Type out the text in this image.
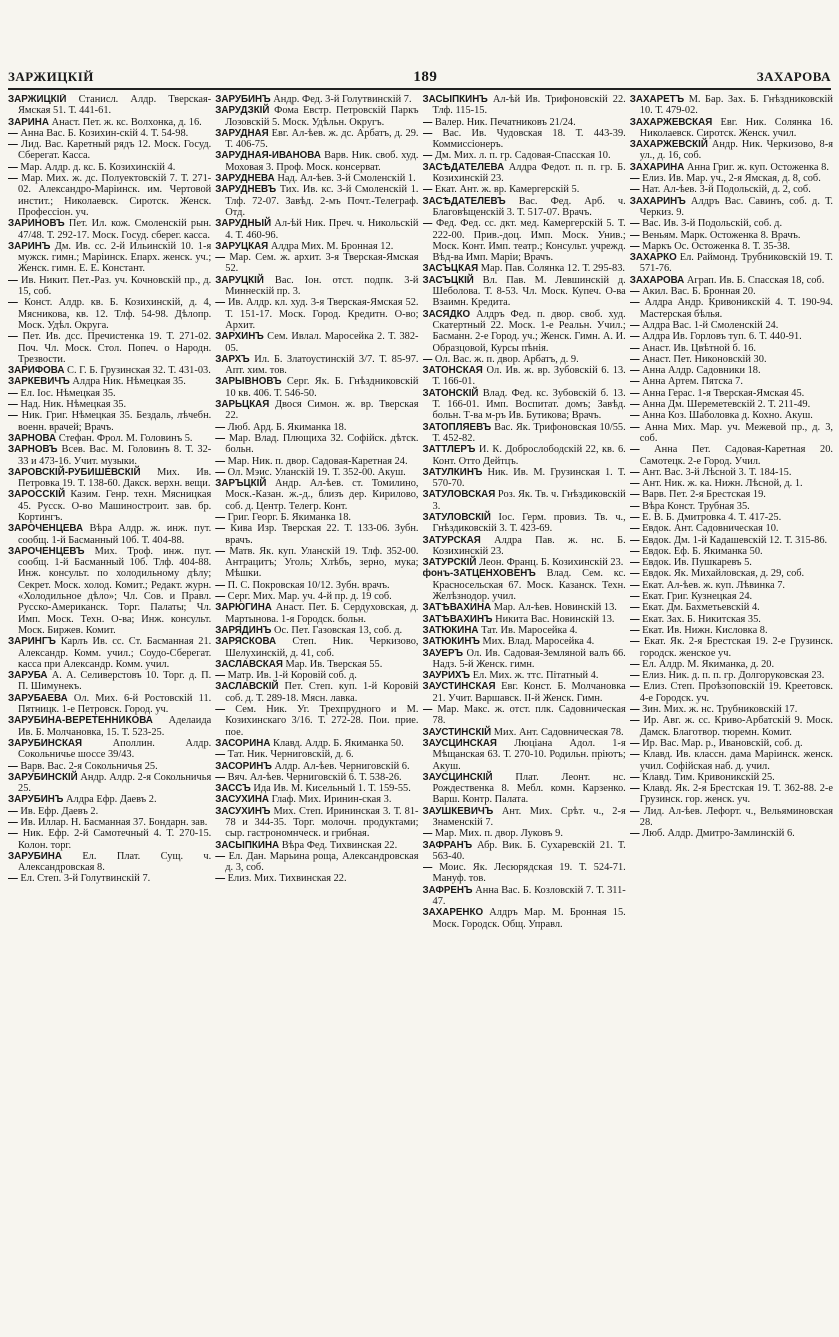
ЗАРЖИЦКІЙ	189	ЗАХАРОВА

ЗАРЖИЦКІЙ Станисл. Алдр. Тверская-Ямская 51. Т. 441-61.

ЗАРИНА Анаст. Пет. ж. кс. Волхонка, д. 16.

— Анна Вас. Б. Козихин-скій 4. Т. 54-98.

— Лид. Вас. Каретный рядъ 12. Моск. Госуд. Сберегат. Касса.

— Мар. Алдр. д. кс. Б. Козихинскій 4.

— Мар. Мих. ж. дс. Полуектовскій 7. Т. 271-02. Александро-Маріинск. им. Чертовой инстит.; Николаевск. Сиротск. Женск. Профессіон. уч.

ЗАРИНОВЪ Пет. Ил. кож. Смоленскій рын. 47/48. Т. 292-17. Моск. Госуд. сберег. касса.

ЗАРИНЪ Дм. Ив. сс. 2-й Ильинскій 10. 1-я мужск. гимн.; Маріинск. Епарх. женск. уч.; Женск. гимн. Е. Е. Констант.

— Ив. Никит. Пет.-Раз. уч. Кочновскій пр., д. 15, соб.

— Конст. Алдр. кв. Б. Козихинскій, д. 4, Мясникова, кв. 12. Тлф. 54-98. Дѣлопр. Моск. Удѣл. Округа.

— Пет. Ив. дсс. Пречистенка 19. Т. 271-02. Поч. Чл. Моск. Стол. Попеч. о Народн. Трезвости.

ЗАРИФОВА С. Г. Б. Грузинская 32. Т. 431-03.

ЗАРКЕВИЧЪ Алдра Ник. Нѣмецкая 35.

— Ел. Іос. Нѣмецкая 35.

— Над. Ник. Нѣмецкая 35.

— Ник. Григ. Нѣмецкая 35. Бездаль, лѣчебн. военн. врачей; Врачъ.

ЗАРНОВА Стефан. Фрол. М. Головинъ 5.

ЗАРНОВЪ Всев. Вас. М. Головинъ 8. Т. 32-33 и 473-16. Учит. музыки.

ЗАРОВСКІЙ-РУБИШЕВСКІЙ Мих. Ив. Петровка 19. Т. 138-60. Дакск. верхн. вещи.

ЗАРОССКІЙ Казим. Генр. техн. Мясницкая 45. Русск. О-во Машиностроит. зав. бр. Кортингъ.

ЗАРОЧЕНЦЕВА Вѣра Алдр. ж. инж. пут. сообщ. 1-й Басманный 10б. Т. 404-88.

ЗАРОЧЕНЦЕВЪ Мих. Троф. инж. пут. сообщ. 1-й Басманный 10б. Тлф. 404-88. Инж. консульт. по холодильному дѣлу; Секрет. Моск. холод. Комит.; Редакт. журн. «Холодильное дѣло»; Чл. Сов. и Правл. Русско-Американск. Торг. Палаты; Чл. Имп. Моск. Техн. О-ва; Инж. консульт. Моск. Биржев. Комит.

ЗАРИНГЪ Карлъ Ив. сс. Ст. Басманная 21. Александр. Комм. учил.; Соудо-Сберегат. касса при Александр. Комм. учил.

ЗАРУБА А. А. Селиверстовъ 10. Торг. д. П. П. Шимунекъ.

ЗАРУБАЕВА Ол. Мих. 6-й Ростовскій 11. Пятницк. 1-е Петровск. Город. уч.

ЗАРУБИНА-ВЕРЕТЕННИКОВА Аделаида Ив. Б. Молчановка, 15. Т. 523-25.

ЗАРУБИНСКАЯ	Аполлин. Алдр. Сокольничье шоссе 39/43.

— Варв. Вас. 2-я Сокольничья 25.

ЗАРУБИНСКІЙ Андр. Алдр. 2-я Сокольничья 25.

ЗАРУБИНЪ Алдра Ефр. Даевъ 2.

— Ив. Ефр. Даевъ 2.

— Ив. Иллар. Н. Басманная 37. Бондарн. зав.

— Ник. Ефр. 2-й Самотечный 4. Т. 270-15. Колон. торг.

ЗАРУБИНА Ел. Плат. Сущ. ч. Александровская 8.

— Ел. Степ. 3-й Голутвинскій 7.

ЗАРУБИНЪ Андр. Фед. 3-й Голутвинскій 7.

ЗАРУДЗКІЙ Фома Евстр. Петровскій Паркъ Лозовскій 5. Моск. Удѣльн. Округъ.

ЗАРУДНАЯ Евг. Ал-ѣев. ж. дс. Арбатъ, д. 29. Т. 406-75.

ЗАРУДНАЯ-ИВАНОВА Варв. Ник. своб. худ. Моховая 3. Проф. Моск. консерват.

ЗАРУДНЕВА Над. Ал-ѣев. 3-й Смоленскій 1.

ЗАРУДНЕВЪ Тих. Ив. кс. 3-й Смоленскій 1. Тлф. 72-07. Завѣд. 2-мъ Почт.-Телеграф. Отд.

ЗАРУДНЫЙ Ал-ѣй Ник. Преч. ч. Никольскій 4. Т. 460-96.

ЗАРУЦКАЯ Алдра Мих. М. Бронная 12.

— Мар. Сем. ж. архит. 3-я Тверская-Ямская 52.

ЗАРУЦКІЙ Вас. Іон. отст. подпк. 3-й Миннескій пр. 3.

— Ив. Алдр. кл. худ. 3-я Тверская-Ямская 52. Т. 151-17. Моск. Город. Кредитн. О-во; Архит.

ЗАРХИНЪ Сем. Ивлал. Маросейка 2. Т. 382-05.

ЗАРХЪ Ил. Б. Златоустинскій 3/7. Т. 85-97. Апт. хим. тов.

ЗАРЫВНОВЪ Серг. Як. Б. Гнѣздниковскій 10 кв. 406. Т. 546-50.

ЗАРЬЦКАЯ Двося Симон. ж. вр. Тверская 22.

— Люб. Ард. Б. Якиманка 18.

— Мар. Влад. Плющиха 32. Софійск. дѣтск. больн.

— Мар. Ник. п. двор. Садовая-Каретная 24.

— Ол. Мэис. Уланскій 19. Т. 352-00. Акуш.

ЗАРЪЦКІЙ Андр. Ал-ѣев. ст. Томилино, Моск.-Казан. ж.-д., близъ дер. Кирилово, соб. д. Центр. Телегр. Конт.

— Григ. Георг. Б. Якиманка 18.

— Кива Изр. Тверская 22. Т. 133-06. Зубн. врачъ.

— Матв. Як. куп. Уланскій 19. Тлф. 352-00. Антрацитъ; Уголь; Хлѣбъ, зерно, мука; Мѣшки.

— П. С. Покровская 10/12. Зубн. врачъ.

— Серг. Мих. Мар. уч. 4-й пр. д. 19 соб.

ЗАРЮГИНА Анаст. Пет. Б. Сердуховская, д. Мартынова. 1-я Городск. больн.

ЗАРЯДИНЪ Ос. Пет. Газовская 13, соб. д.

ЗАРЯСКОВА Степ. Ник. Черкизово, Шелухинскій, д. 41, соб.

ЗАСЛАВСКАЯ Мар. Ив. Тверская 55.

— Матр. Ив. 1-й Коровій соб. д.

ЗАСЛАВСКІЙ Пет. Степ. куп. 1-й Коровій соб. д. Т. 289-18. Мясн. лавка.

— Сем. Ник. Уг. Трехпрудного и М. Козихинскаго 3/16. Т. 272-28. Пои. прие. пое.

ЗАСОРИНА Клавд. Алдр. Б. Якиманка 50.

— Тат. Ник. Черниговскій, д. 6.

ЗАСОРИНЪ Алдр. Ал-ѣев. Черниговскій 6.

— Вяч. Ал-ѣев. Черниговскій 6. Т. 538-26.

ЗАССЪ Ида Ив. М. Кисельный 1. Т. 159-55.

ЗАСУХИНА Глаф. Мих. Иринин-ская 3.

ЗАСУХИНЪ Мих. Степ. Ирининская 3. Т. 81-78 и 344-35. Торг. молочн. продуктами; сыр. гастрономнческ. и грибная.

ЗАСЫПКИНА Вѣра Фед. Тихвинская 22.

— Ел. Дан. Марьина роща, Александровская д. 3, соб.

— Елиз. Мих. Тихвинская 22.

ЗАСЫПКИНЪ Ал-ѣй Ив. Трифоновскій 22. Тлф. 115-15.

— Валер. Ник. Печатниковъ 21/24.

— Вас. Ив. Чудовская 18. Т. 443-39. Коммиссіонеръ.

— Дм. Мих. л. п. гр. Садовая-Спасская 10.

ЗАСѢДАТЕЛЕВА Алдра Федот. п. п. гр. Б. Козихинскій 23.

— Екат. Ант. ж. вр. Камергерскій 5.

ЗАСѢДАТЕЛЕВЪ Вас. Фед. Арб. ч. Благовѣщенскій 3. Т. 517-07. Врачъ.

— Фед. Фед. сс. дкт. мед. Камергерскій 5. Т. 222-00. Прив.-доц. Имп. Моск. Унив.; Моск. Конт. Имп. театр.; Консульт. учрежд. Вѣд-ва Имп. Маріи; Врачъ.

ЗАСЪЦКАЯ Мар. Пав. Солянка 12. Т. 295-83.

ЗАСЪЦКІЙ Вл. Пав. М. Левшинскій д. Шеболова. Т. 8-53. Чл. Моск. Купеч. О-ва Взаимн. Кредита.

ЗАСЯДКО Алдръ Фед. п. двор. своб. худ. Скатертный 22. Моск. 1-е Реальн. Учил.; Басманн. 2-е Город. уч.; Женск. Гимн. А. И. Образцовой, Курсы пѣнія.

— Ол. Вас. ж. п. двор. Арбатъ, д. 9.

ЗАТОНСКАЯ Ол. Ив. ж. вр. Зубовскій 6. 13. Т. 166-01.

ЗАТОНСКІЙ Влад. Фед. кс. Зубовскій б. 13. Т. 166-01. Имп. Воспитат. домъ; Завѣд. больн. Т-ва м-ръ Ив. Бутикова; Врачъ.

ЗАТОПЛЯЕВЪ Вас. Як. Трифоновская 10/55. Т. 452-82.

ЗАТТЛЕРЪ И. К. Доброслободскій 22, кв. 6. Конт. Отто Дейтцъ.

ЗАТУЛКИНЪ Ник. Ив. М. Грузинская 1. Т. 570-70.

ЗАТУЛОВСКАЯ Роз. Як. Тв. ч. Гнѣздиковскій 3.

ЗАТУЛОВСКІЙ Іос. Герм. провиз. Тв. ч., Гнѣздиковскій 3. Т. 423-69.

ЗАТУРСКАЯ Алдра Пав. ж. нс. Б. Козихинскій 23.

ЗАТУРСКІЙ Леон. Франц. Б. Козихинскій 23.

фонъ-ЗАТЦЕНХОВЕНЪ Влад. Сем. кс. Красносельская 67. Моск. Казанск. Техн. Желѣзнодор. учил.

ЗАТѢВАХИНА Мар. Ал-ѣев. Новинскій 13.

ЗАТѢВАХИНЪ Никита Вас. Новинскій 13.

ЗАТЮКИНА Тат. Ив. Маросейка 4.

ЗАТЮКИНЪ Мих. Влад. Маросейка 4.

ЗАУЕРЪ Ол. Ив. Садовая-Земляной валъ 66. Надз. 5-й Женск. гимн.

ЗАУРИХЪ Ел. Мих. ж. ттс. Пітатный 4.

ЗАУСТИНСКАЯ Евг. Конст. Б. Молчановка 21. Учит. Варшавск. II-й Женск. Гимн.

— Мар. Макс. ж. отст. плк. Садовническая 78.

ЗАУСТИНСКІЙ Мих. Ант. Садовническая 78.

ЗАУСЦИНСКАЯ Люціана Адол. 1-я Мѣщанская 63. Т. 270-10. Родильн. пріютъ; Акуш.

ЗАУСЦИНСКІЙ Плат. Леонт. нс. Рождественка 8. Мебл. комн. Карзенко. Варш. Контр. Палата.

ЗАУШКЕВИЧЪ Ант. Мих. Срѣт. ч., 2-я Знаменскій 7.

— Мар. Мих. п. двор. Луковъ 9.

ЗАФРАНЪ Абр. Вик. Б. Сухаревскій 21. Т. 563-40.

— Моис. Як. Лесюрядская 19. Т. 524-71. Мануф. тов.

ЗАФРЕНЪ Анна Вас. Б. Козловскій 7. Т. 311-47.

ЗАХАРЕНКО Алдръ Мар. М. Бронная 15. Моск. Городск. Общ. Управл.

ЗАХАРЕТЪ М. Бар. Зах. Б. Гнѣздниковскій 10. Т. 479-02.

ЗАХАРЖЕВСКАЯ Евг. Ник. Солянка 16. Николаевск. Сиротск. Женск. учил.

ЗАХАРЖЕВСКІЙ Андр. Ник. Черкизово, 8-я ул., д. 16, соб.

ЗАХАРИНА Анна Григ. ж. куп. Остоженка 8.

— Елиз. Ив. Мар. уч., 2-я Ямская, д. 8, соб.

— Нат. Ал-ѣев. 3-й Подольскій, д. 2, соб.

ЗАХАРИНЪ Алдръ Вас. Савинъ, соб. д. Т. Черкиз. 9.

— Вас. Ив. 3-й Подольскій, соб. д.

— Веньям. Марк. Остоженка 8. Врачъ.

— Маркъ Ос. Остоженка 8. Т. 35-38.

ЗАХАРКО Ел. Раймонд. Трубниковскій 19. Т. 571-76.

ЗАХАРОВА Аграп. Ив. Б. Спасская 18, соб.

— Акил. Вас. Б. Бронная 20.

— Алдра Андр. Кривоникскій 4. Т. 190-94. Мастерская бѣлья.

— Алдра Вас. 1-й Смоленскій 24.

— Алдра Ив. Горловъ туп. 6. Т. 440-91.

— Анаст. Ив. Цвѣтной б. 16.

— Анаст. Пет. Никоновскій 30.

— Анна Алдр. Садовники 18.

— Анна Артем. Пятска 7.

— Анна Герас. 1-я Тверская-Ямская 45.

— Анна Дм. Шереметевскій 2. Т. 211-49.

— Анна Коз. Шаболовка д. Кохно. Акуш.

— Анна Мих. Мар. уч. Межевой пр., д. 3, соб.

— Анна Пет. Садовая-Каретная 20. Самотецк. 2-е Город. Учил.

— Ант. Вас. 3-й Лѣсной 3. Т. 184-15.

— Ант. Ник. ж. ка. Нижн. Лѣсной, д. 1.

— Варв. Пет. 2-я Брестская 19.

— Вѣра Конст. Трубная 35.

— Е. В. Б. Дмитровка 4. Т. 417-25.

— Евдок. Ант. Садовническая 10.

— Евдок. Дм. 1-й Кадашевскій 12. Т. 315-86.

— Евдок. Еф. Б. Якиманка 50.

— Евдок. Ив. Пушкаревъ 5.

— Евдок. Як. Михайловская, д. 29, соб.

— Екат. Ал-ѣев. ж. куп. Лѣвинка 7.

— Екат. Григ. Кузнецкая 24.

— Екат. Дм. Бахметьевскій 4.

— Екат. Зах. Б. Никитская 35.

— Екат. Ив. Нижн. Кисловка 8.

— Екат. Як. 2-я Брестская 19. 2-е Грузинск. городск. женское уч.

— Ел. Алдр. М. Якиманка, д. 20.

— Елиз. Ник. д. п. п. гр. Долгоруковская 23.

— Елиз. Степ. Проѣзоповскій 19. Креетовск. 4-е Городск. уч.

— Зин. Мих. ж. нс. Трубниковскій 17.

— Ир. Авг. ж. сс. Криво-Арбатскій 9. Моск. Дамск. Благотвор. тюремн. Комит.

— Ир. Вас. Мар. р., Ивановскій, соб. д.

— Клавд. Ив. классн. дама Маріинск. женск. учил. Софійская наб. д. учил.

— Клавд. Тим. Кривоникскій 25.

— Клавд. Як. 2-я Брестская 19. Т. 362-88. 2-е Грузинск. гор. женск. уч.

— Лид. Ал-ѣев. Лефорт. ч., Вельяминовская 28.

— Люб. Алдр. Дмитро-Замлинскій 6.
